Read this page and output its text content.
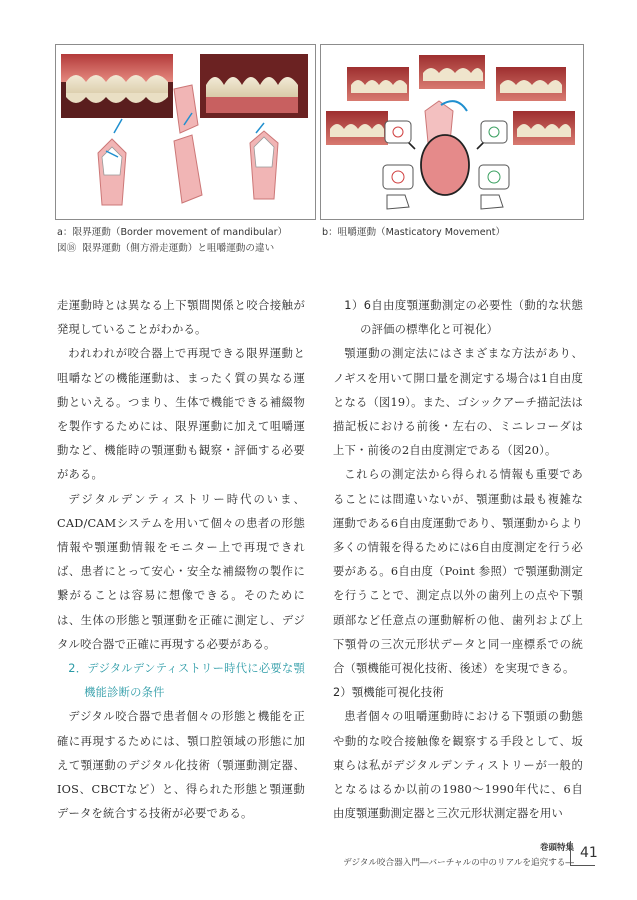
a：限界運動（Border movement of mandibular）	b：咀嚼運動（Masticatory Movement）
図⑱ 限界運動（側方滑走運動）と咀嚼運動の違い

走運動時とは異なる上下顎間関係と咬合接触が発現していることがわかる。

われわれが咬合器上で再現できる限界運動と咀嚼などの機能運動は、まったく質の異なる運動といえる。つまり、生体で機能できる補綴物を製作するためには、限界運動に加えて咀嚼運動など、機能時の顎運動も観察・評価する必要がある。

デジタルデンティストリー時代のいま、CAD/CAMシステムを用いて個々の患者の形態情報や顎運動情報をモニター上で再現できれば、患者にとって安心・安全な補綴物の製作に繋がることは容易に想像できる。そのためには、生体の形態と顎運動を正確に測定し、デジタル咬合器で正確に再現する必要がある。

2．デジタルデンティストリー時代に必要な顎機能診断の条件

デジタル咬合器で患者個々の形態と機能を正確に再現するためには、顎口腔領域の形態に加えて顎運動のデジタル化技術（顎運動測定器、IOS、CBCTなど）と、得られた形態と顎運動データを統合する技術が必要である。

1）6自由度顎運動測定の必要性（動的な状態の評価の標準化と可視化）

顎運動の測定法にはさまざまな方法があり、ノギスを用いて開口量を測定する場合は1自由度となる（図19）。また、ゴシックアーチ描記法は描記板における前後・左右の、ミニレコーダは上下・前後の2自由度測定である（図20）。

これらの測定法から得られる情報も重要であることには間違いないが、顎運動は最も複雑な運動である6自由度運動であり、顎運動からより多くの情報を得るためには6自由度測定を行う必要がある。6自由度（Point 参照）で顎運動測定を行うことで、測定点以外の歯列上の点や下顎頭部など任意点の運動解析の他、歯列および上下顎骨の三次元形状データと同一座標系での統合（顎機能可視化技術、後述）を実現できる。

2）顎機能可視化技術

患者個々の咀嚼運動時における下顎頭の動態や動的な咬合接触像を観察する手段として、坂東らは私がデジタルデンティストリーが一般的となるはるか以前の1980～1990年代に、6自由度顎運動測定器と三次元形状測定器を用い

巻頭特集
デジタル咬合器入門―バーチャルの中のリアルを追究する―
41
